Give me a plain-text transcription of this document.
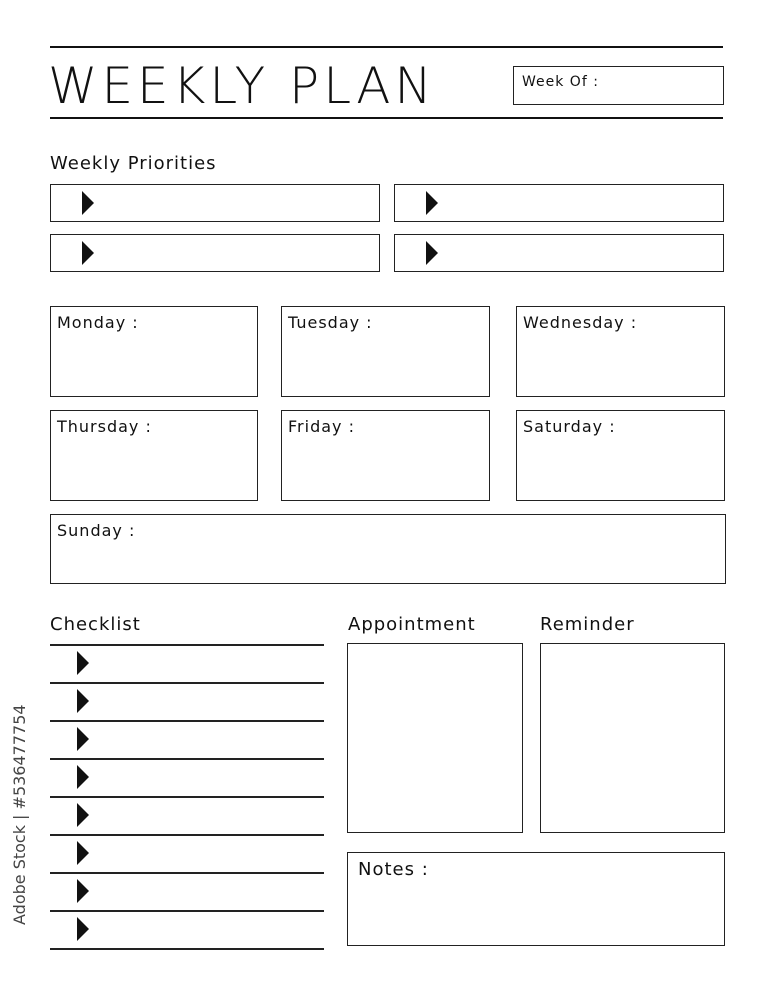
WEEKLY PLAN	Week Of :
Weekly Priorities
Monday :	Tuesday :	Wednesday :
Thursday :	Friday :	Saturday :
Sunday :
Checklist	Appointment	Reminder
Notes :
Adobe Stock | #536477754
